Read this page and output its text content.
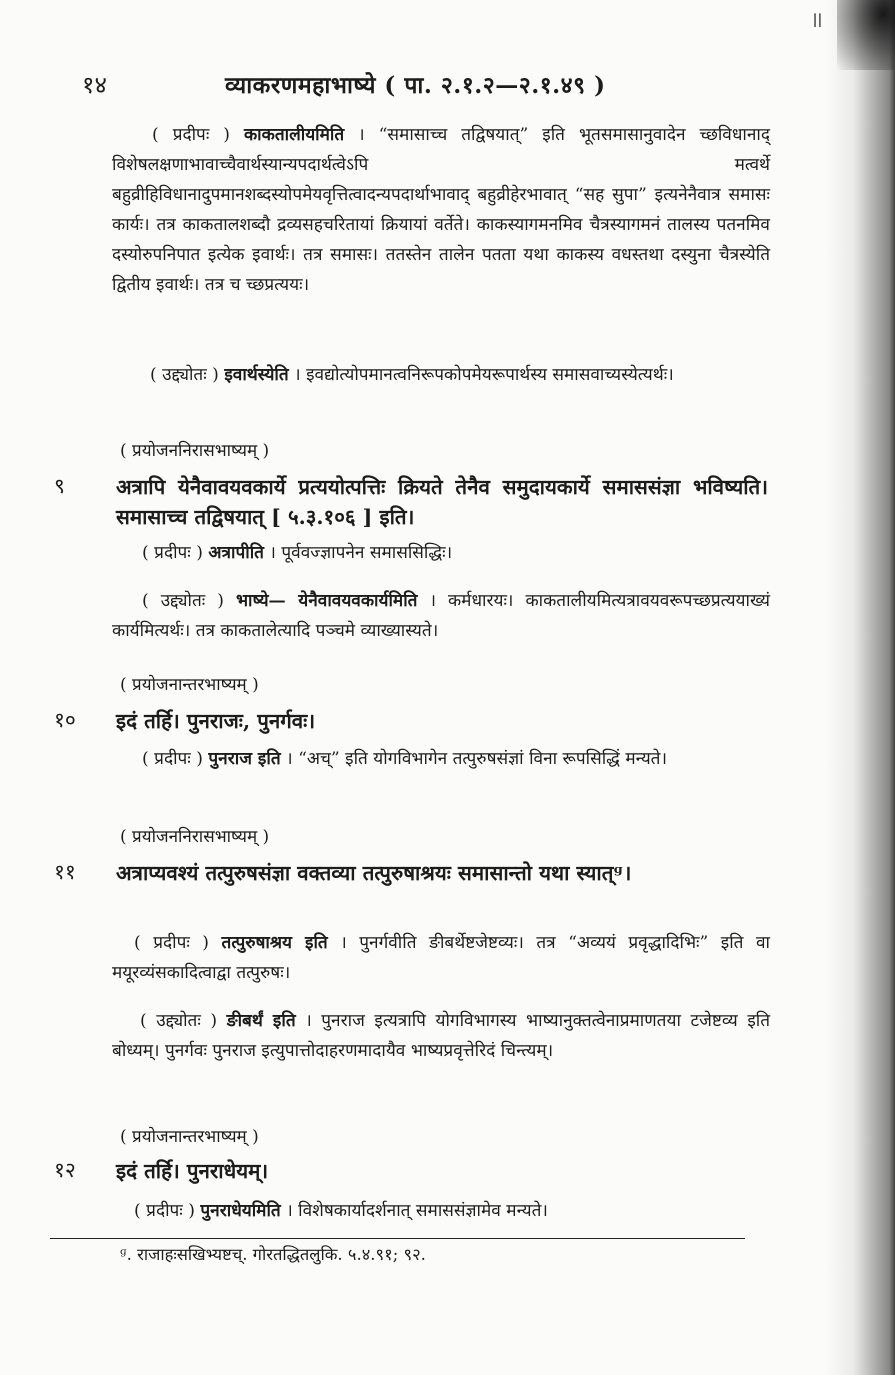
॥
१४	व्याकरणमहाभाष्ये ( पा. २.१.२—२.१.४९ )
( प्रदीपः ) काकतालीयमिति । “समासाच्च तद्विषयात्” इति भूतसमासानुवादेन च्छविधानाद् विशेषलक्षणाभावाच्चैवार्थस्यान्यपदार्थत्वेऽपि मत्वर्थे बहुव्रीहिविधानादुपमानशब्दस्योपमेयवृत्तित्वादन्यपदार्थाभावाद् बहुव्रीहेरभावात् “सह सुपा” इत्यनेनैवात्र समासः कार्यः। तत्र काकतालशब्दौ द्रव्यसहचरितायां क्रियायां वर्तेते। काकस्यागमनमिव चैत्रस्यागमनं तालस्य पतनमिव दस्योरुपनिपात इत्येक इवार्थः। तत्र समासः। ततस्तेन तालेन पतता यथा काकस्य वधस्तथा दस्युना चैत्रस्येति द्वितीय इवार्थः। तत्र च च्छप्रत्ययः।
( उद्द्योतः ) इवार्थस्येति । इवद्योत्योपमानत्वनिरूपकोपमेयरूपार्थस्य समासवाच्यस्येत्यर्थः।
( प्रयोजननिरासभाष्यम् )
९ अत्रापि येनैवावयवकार्ये प्रत्ययोत्पत्तिः क्रियते तेनैव समुदायकार्ये समाससंज्ञा भविष्यति। समासाच्च तद्विषयात् [ ५.३.१०६ ] इति।
( प्रदीपः ) अत्रापीति । पूर्ववज्ज्ञापनेन समाससिद्धिः।
( उद्द्योतः ) भाष्ये— येनैवावयवकार्यमिति । कर्मधारयः। काकतालीयमित्यत्रावयवरूपच्छप्रत्ययाख्यं कार्यमित्यर्थः। तत्र काकतालेत्यादि पञ्चमे व्याख्यास्यते।
( प्रयोजनान्तरभाष्यम् )
१० इदं तर्हि। पुनराजः, पुनर्गवः।
( प्रदीपः ) पुनराज इति । “अच्” इति योगविभागेन तत्पुरुषसंज्ञां विना रूपसिद्धिं मन्यते।
( प्रयोजननिरासभाष्यम् )
११ अत्राप्यवश्यं तत्पुरुषसंज्ञा वक्तव्या तत्पुरुषाश्रयः समासान्तो यथा स्यात्ᶢ।
( प्रदीपः ) तत्पुरुषाश्रय इति । पुनर्गवीति ङीबर्थेष्टजेष्टव्यः। तत्र “अव्ययं प्रवृद्धादिभिः” इति वा मयूरव्यंसकादित्वाद्वा तत्पुरुषः।
( उद्द्योतः ) ङीबर्थं इति । पुनराज इत्यत्रापि योगविभागस्य भाष्यानुक्तत्वेनाप्रमाणतया टजेष्टव्य इति बोध्यम्। पुनर्गवः पुनराज इत्युपात्तोदाहरणमादायैव भाष्यप्रवृत्तेरिदं चिन्त्यम्।
( प्रयोजनान्तरभाष्यम् )
१२ इदं तर्हि। पुनराधेयम्।
( प्रदीपः ) पुनराधेयमिति । विशेषकार्यादर्शनात् समाससंज्ञामेव मन्यते।
ᶢ. राजाहःसखिभ्यष्टच्. गोरतद्धितलुकि. ५.४.९१; ९२.
